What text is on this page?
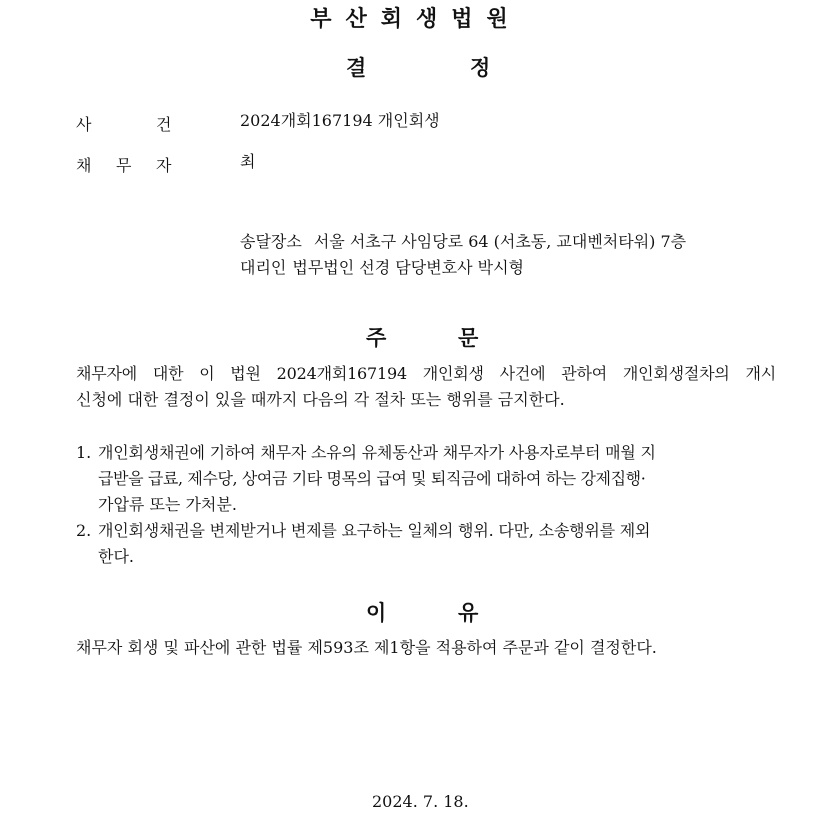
부산회생법원
결	정
사	건	2024개회167194 개인회생
채 무 자	최
송달장소 서울 서초구 사임당로 64 (서초동, 교대벤처타워) 7층
대리인 법무법인 선경 담당변호사 박시형
주	문
채무자에 대한 이 법원 2024개회167194 개인회생 사건에 관하여 개인회생절차의 개시
신청에 대한 결정이 있을 때까지 다음의 각 절차 또는 행위를 금지한다.
1. 개인회생채권에 기하여 채무자 소유의 유체동산과 채무자가 사용자로부터 매월 지
급받을 급료, 제수당, 상여금 기타 명목의 급여 및 퇴직금에 대하여 하는 강제집행·
가압류 또는 가처분.
2. 개인회생채권을 변제받거나 변제를 요구하는 일체의 행위. 다만, 소송행위를 제외
한다.
이	유
채무자 회생 및 파산에 관한 법률 제593조 제1항을 적용하여 주문과 같이 결정한다.
2024. 7. 18.
